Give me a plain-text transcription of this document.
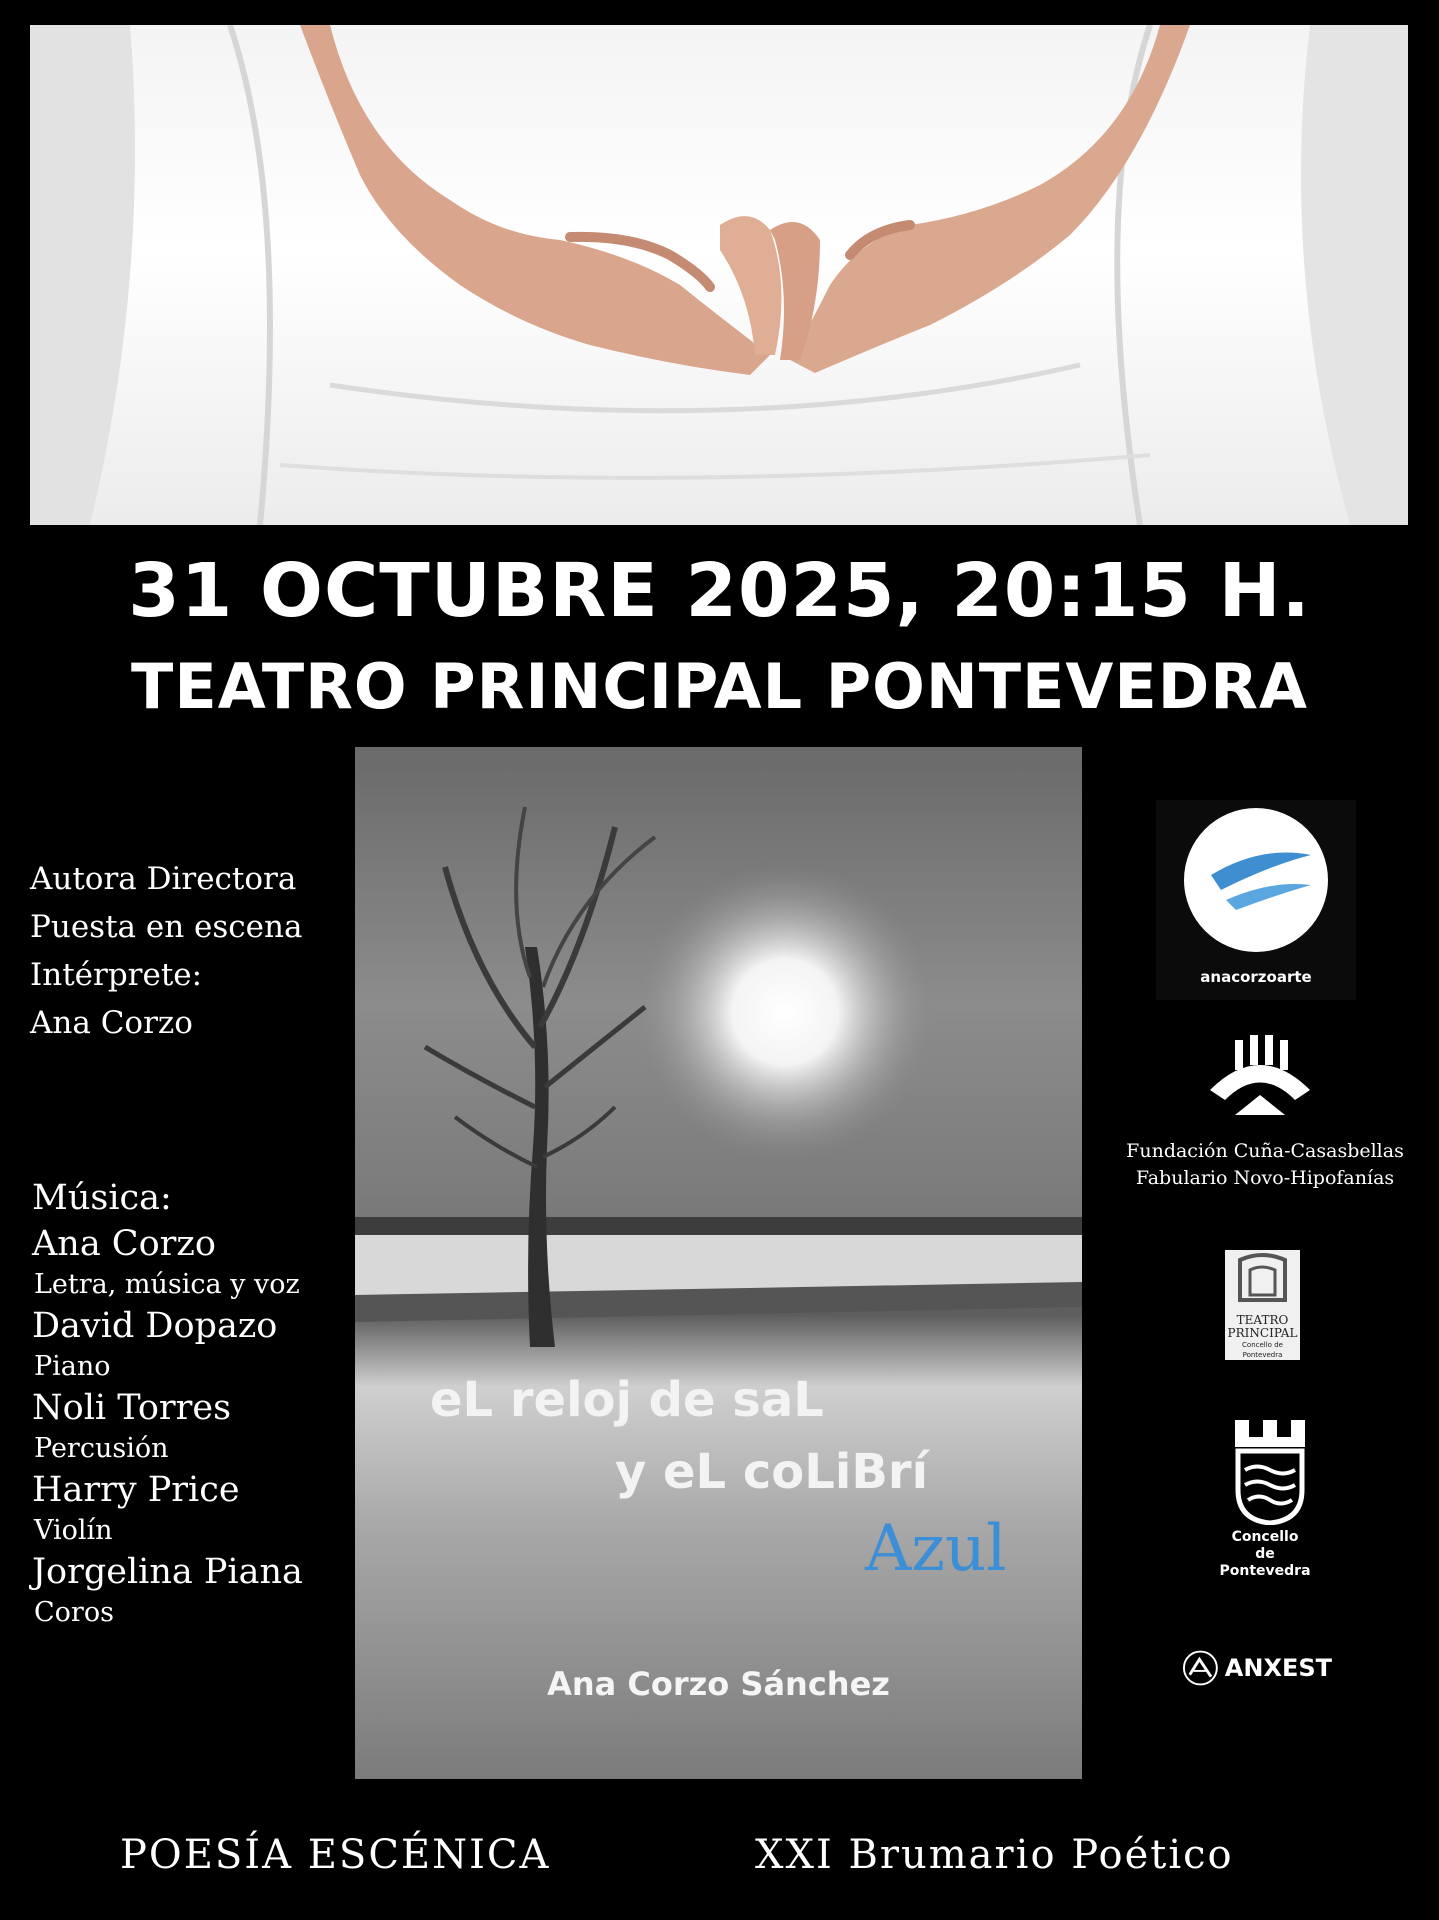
31 OCTUBRE 2025, 20:15 H.
TEATRO PRINCIPAL PONTEVEDRA
Autora Directora
Puesta en escena
Intérprete:
Ana Corzo
Música:
Ana Corzo
Letra, música y voz
David Dopazo
Piano
Noli Torres
Percusión
Harry Price
Violín
Jorgelina Piana
Coros
eL reloj de saL
y eL coLiBrí
Azul
Ana Corzo Sánchez
anacorzoarte
Fundación Cuña-Casasbellas
Fabulario Novo-Hipofanías
TEATRO
PRINCIPAL
Concello de Pontevedra
Concello
de Pontevedra
ANXEST
POESÍA ESCÉNICA	XXI Brumario Poético
